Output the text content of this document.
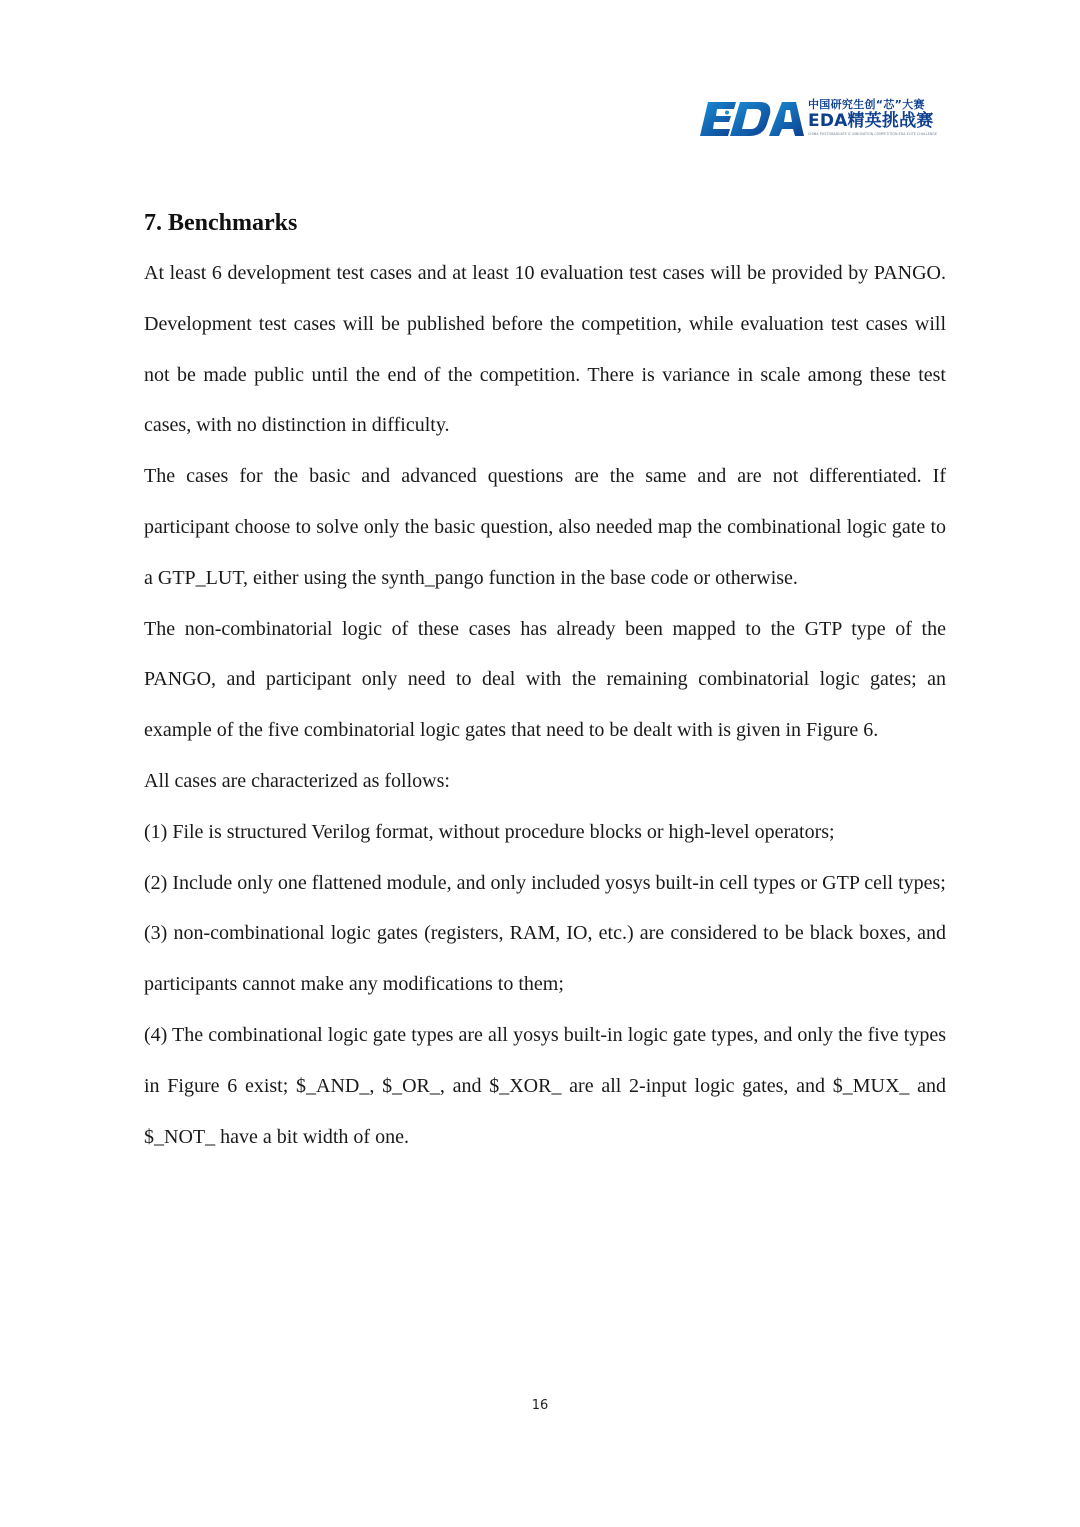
中国研究生创“芯”大赛
EDA精英挑战赛
CHINA POSTGRADUATE IC INNOVATION COMPETITION·EDA ELITE CHALLENGE
7. Benchmarks

At least 6 development test cases and at least 10 evaluation test cases will be provided by PANGO. Development test cases will be published before the competition, while evaluation test cases will not be made public until the end of the competition. There is variance in scale among these test cases, with no distinction in difficulty.

The cases for the basic and advanced questions are the same and are not differentiated. If participant choose to solve only the basic question, also needed map the combinational logic gate to a GTP_LUT, either using the synth_pango function in the base code or otherwise.

The non-combinatorial logic of these cases has already been mapped to the GTP type of the PANGO, and participant only need to deal with the remaining combinatorial logic gates; an example of the five combinatorial logic gates that need to be dealt with is given in Figure 6.

All cases are characterized as follows:

(1) File is structured Verilog format, without procedure blocks or high-level operators;

(2) Include only one flattened module, and only included yosys built-in cell types or GTP cell types;

(3) non-combinational logic gates (registers, RAM, IO, etc.) are considered to be black boxes, and participants cannot make any modifications to them;

(4) The combinational logic gate types are all yosys built-in logic gate types, and only the five types in Figure 6 exist; $_AND_, $_OR_, and $_XOR_ are all 2-input logic gates, and $_MUX_ and $_NOT_ have a bit width of one.

16
